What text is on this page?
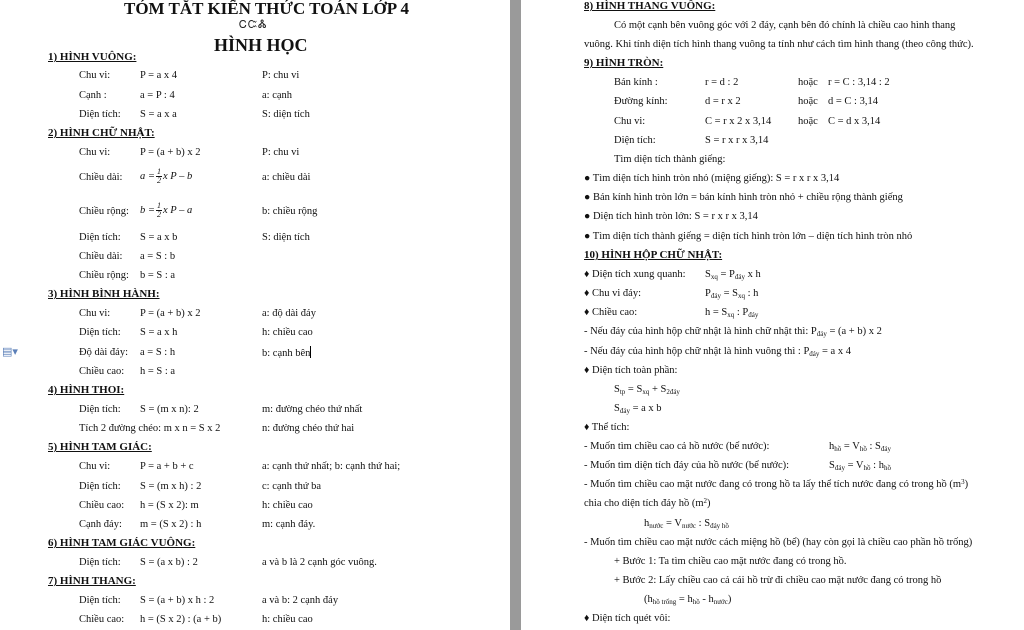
TÓM TẮT KIẾN THỨC TOÁN LỚP 4
ᏟᏨᏜ
HÌNH HỌC
1) HÌNH VUÔNG:
Chu vi:	P = a x 4	P: chu vi
Cạnh :	a = P : 4	a: cạnh
Diện tích: S = a x a	S: diện tích
2) HÌNH CHỮ NHẬT:
Chu vi:	P = (a + b) x 2	P: chu vi
Chiều dài: $a = \frac{1}{2}$ x P – b	a: chiều dài
Chiều rộng: $b = \frac{1}{2}$ x P – a	b: chiều rộng
Diện tích: S = a x b	S: diện tích
Chiều dài: a = S : b
Chiều rộng: b = S : a
3) HÌNH BÌNH HÀNH:
Chu vi:	P = (a + b) x 2	a: độ dài đáy
Diện tích: S = a x h	h: chiều cao
Độ dài đáy: a = S : h	b: cạnh bên
Chiều cao: h = S : a
4) HÌNH THOI:
Diện tích: S = (m x n): 2	m: đường chéo thứ nhất
Tích 2 đường chéo: m x n = S x 2	n: đường chéo thứ hai
5) HÌNH TAM GIÁC:
Chu vi:	P = a + b + c	a: cạnh thứ nhất; b: cạnh thứ hai;
Diện tích: S = (m x h) : 2	c: cạnh thứ ba
Chiều cao: h = (S x 2): m	h: chiều cao
Cạnh đáy: m = (S x 2) : h	m: cạnh đáy.
6) HÌNH TAM GIÁC VUÔNG:
Diện tích: S = (a x b) : 2	a và b là 2 cạnh góc vuông.
7) HÌNH THANG:
Diện tích: S = (a + b) x h : 2	a và b: 2 cạnh đáy
Chiều cao: h = (S x 2) : (a + b)	h: chiều cao
▤▾
8) HÌNH THANG VUÔNG:
Có một cạnh bên vuông góc với 2 đáy, cạnh bên đó chính là chiều cao hình thang
vuông. Khi tính diện tích hình thang vuông ta tính như cách tìm hình thang (theo công thức).
9) HÌNH TRÒN:
Bán kính :	r = d : 2	hoặc r = C : 3,14 : 2
Đường kính:	d = r x 2	hoặc d = C : 3,14
Chu vi:	C = r x 2 x 3,14	hoặc C = d x 3,14
Diện tích:	S = r x r x 3,14
Tìm diện tích thành giếng:
● Tìm diện tích hình tròn nhỏ (miệng giếng): S = r x r x 3,14
● Bán kính hình tròn lớn = bán kính hình tròn nhỏ + chiều rộng thành giếng
● Diện tích hình tròn lớn: S = r x r x 3,14
● Tìm diện tích thành giếng = diện tích hình tròn lớn – diện tích hình tròn nhỏ
10) HÌNH HỘP CHỮ NHẬT:
♦ Diện tích xung quanh: $S_{xq} = P_{đáy}$ x h
♦ Chu vi đáy:	$P_{đáy} = S_{xq}$ : h
♦ Chiều cao:	$h = S_{xq}$ : $P_{đáy}$
- Nếu đáy của hình hộp chữ nhật là hình chữ nhật thì: $P_{đáy} = (a + b)$ x 2
- Nếu đáy của hình hộp chữ nhật là hình vuông thì : $P_{đáy} = a$ x 4
♦ Diện tích toàn phần:
$S_{tp} = S_{xq} + S_{2đáy}$
$S_{đáy} = a$ x b
♦ Thể tích:
- Muốn tìm chiều cao cả hồ nước (bể nước):	$h_{hồ} = V_{hồ}$ : $S_{đáy}$
- Muốn tìm diện tích đáy của hồ nước (bể nước):	$S_{đáy} = V_{hồ}$ : $h_{hồ}$
- Muốn tìm chiều cao mặt nước đang có trong hồ ta lấy thể tích nước đang có trong hồ $(m^3)$
chia cho diện tích đáy hồ $(m^2)$
$h_{nước} = V_{nước}$ : $S_{đáy hồ}$
- Muốn tìm chiều cao mặt nước cách miệng hồ (bể) (hay còn gọi là chiều cao phần hồ trống)
+ Bước 1: Ta tìm chiều cao mặt nước đang có trong hồ.
+ Bước 2: Lấy chiều cao cả cái hồ trừ đi chiều cao mặt nước đang có trong hồ
$(h_{hồ trống} = h_{hồ} - h_{nước})$
♦ Diện tích quét vôi:
